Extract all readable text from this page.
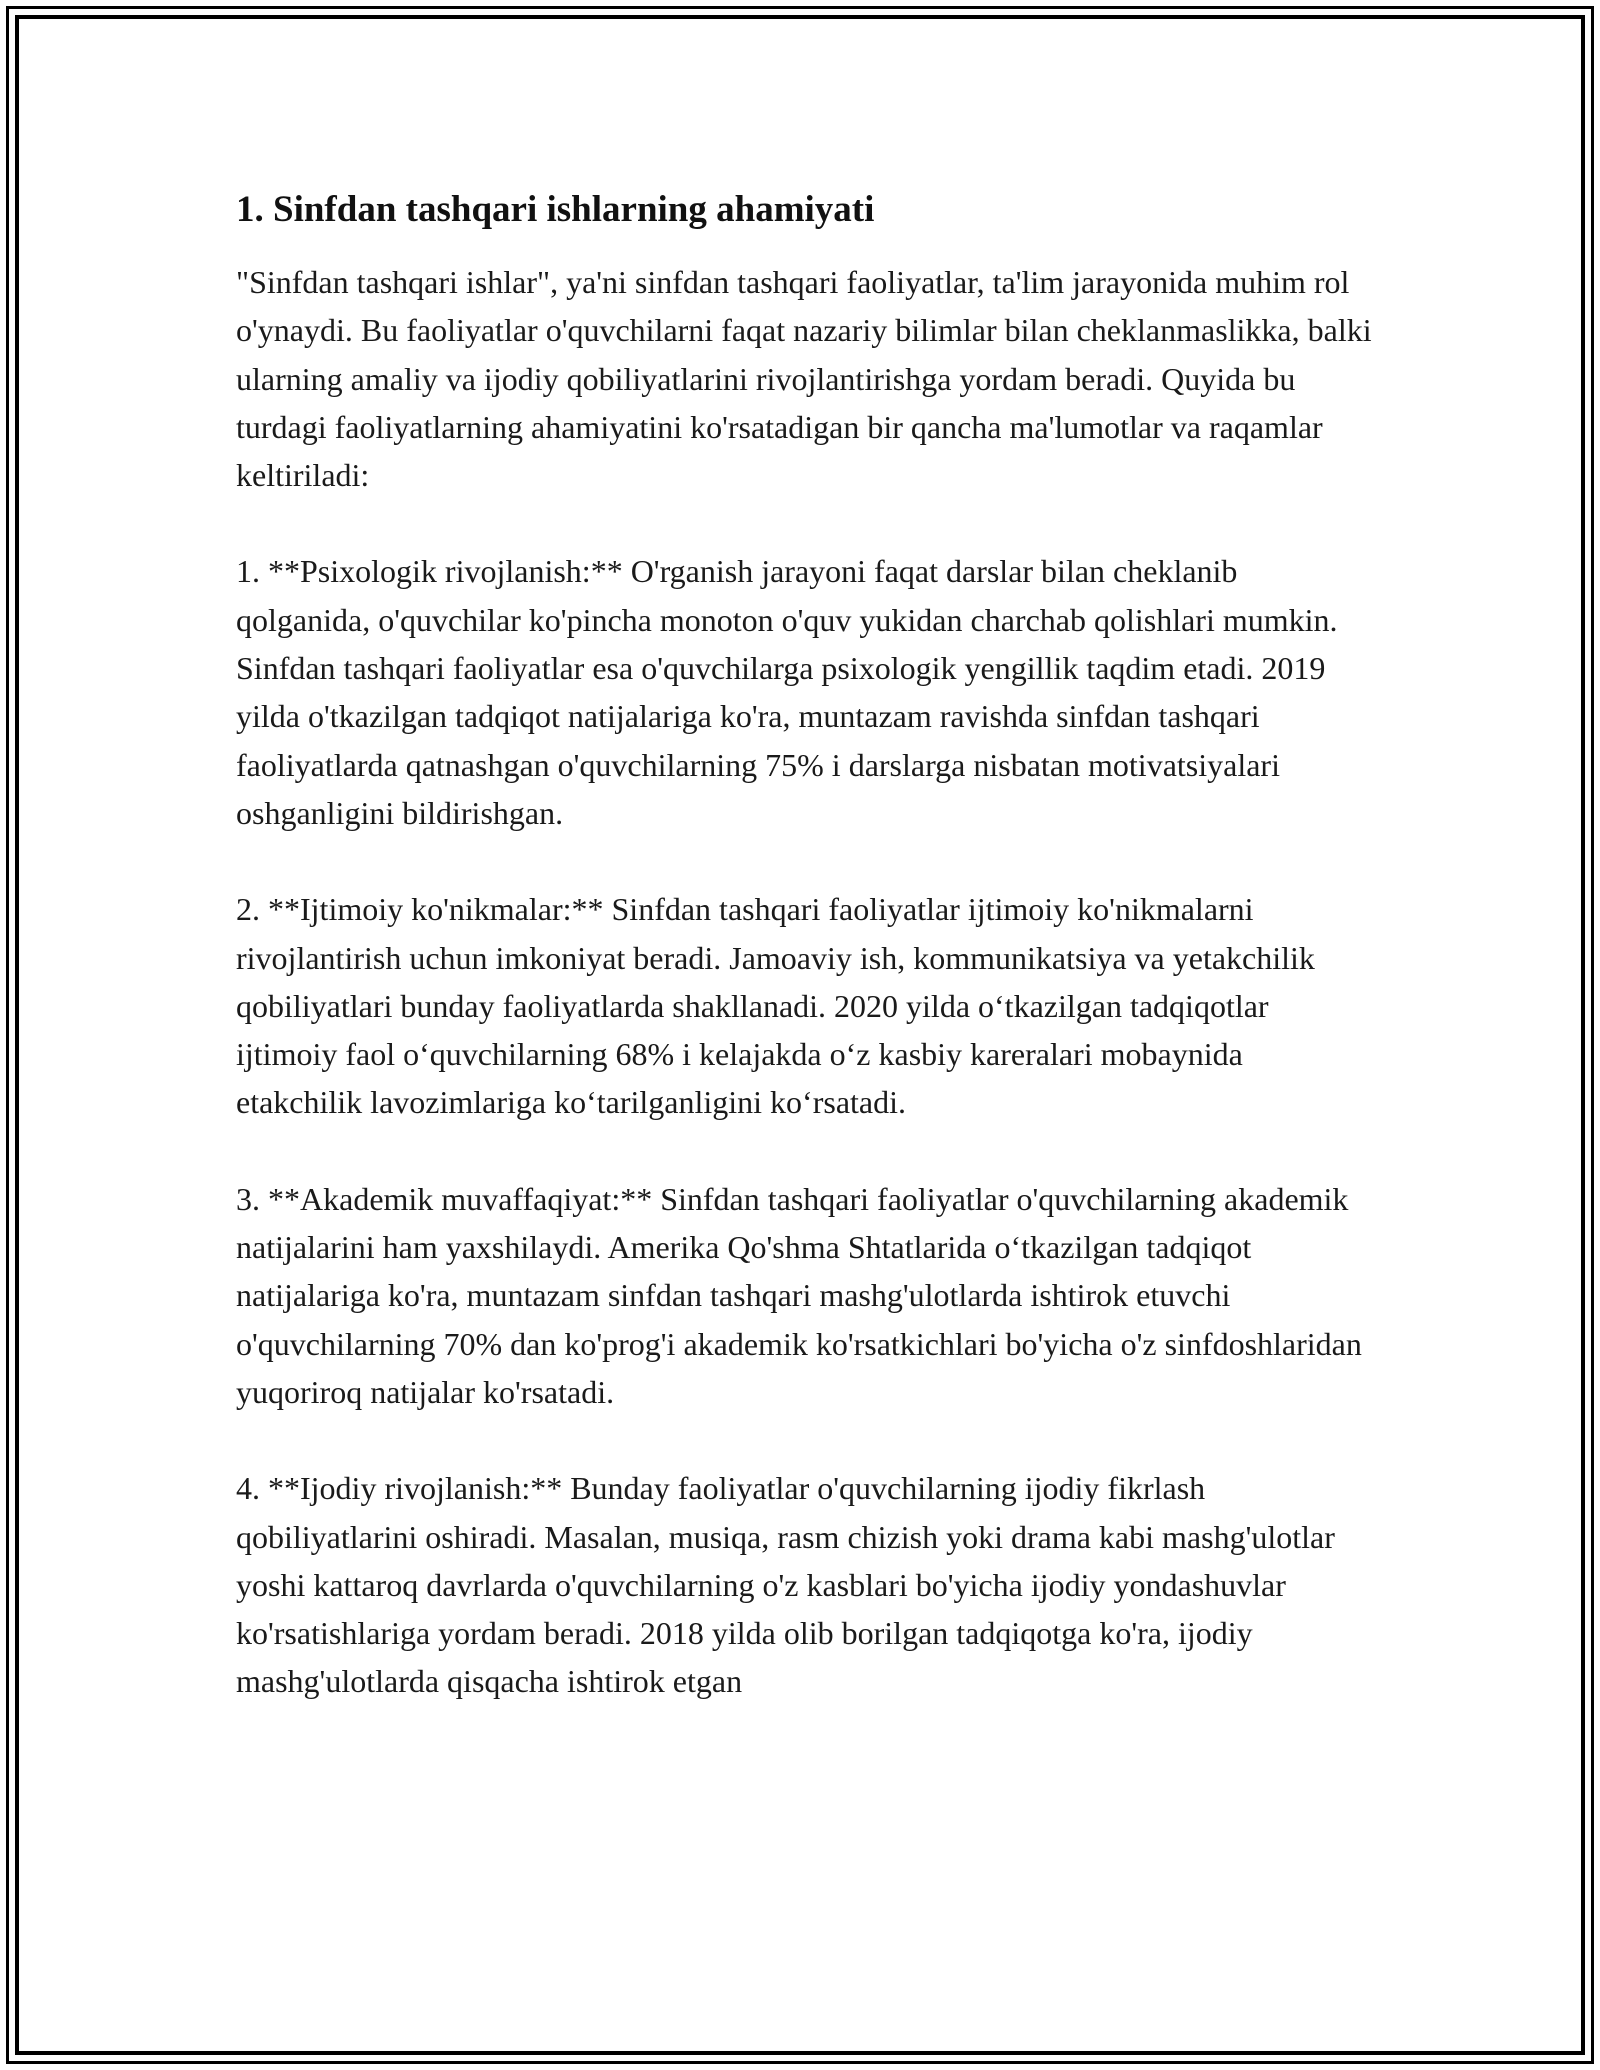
1. Sinfdan tashqari ishlarning ahamiyati

"Sinfdan tashqari ishlar", ya'ni sinfdan tashqari faoliyatlar, ta'lim jarayonida muhim rol o'ynaydi. Bu faoliyatlar o'quvchilarni faqat nazariy bilimlar bilan cheklanmaslikka, balki ularning amaliy va ijodiy qobiliyatlarini rivojlantirishga yordam beradi. Quyida bu turdagi faoliyatlarning ahamiyatini ko'rsatadigan bir qancha ma'lumotlar va raqamlar keltiriladi:

1. **Psixologik rivojlanish:** O'rganish jarayoni faqat darslar bilan cheklanib qolganida, o'quvchilar ko'pincha monoton o'quv yukidan charchab qolishlari mumkin. Sinfdan tashqari faoliyatlar esa o'quvchilarga psixologik yengillik taqdim etadi. 2019 yilda o'tkazilgan tadqiqot natijalariga ko'ra, muntazam ravishda sinfdan tashqari faoliyatlarda qatnashgan o'quvchilarning 75% i darslarga nisbatan motivatsiyalari oshganligini bildirishgan.

2. **Ijtimoiy ko'nikmalar:** Sinfdan tashqari faoliyatlar ijtimoiy ko'nikmalarni rivojlantirish uchun imkoniyat beradi. Jamoaviy ish, kommunikatsiya va yetakchilik qobiliyatlari bunday faoliyatlarda shakllanadi. 2020 yilda o‘tkazilgan tadqiqotlar ijtimoiy faol o‘quvchilarning 68% i kelajakda o‘z kasbiy kareralari mobaynida etakchilik lavozimlariga ko‘tarilganligini ko‘rsatadi.

3. **Akademik muvaffaqiyat:** Sinfdan tashqari faoliyatlar o'quvchilarning akademik natijalarini ham yaxshilaydi. Amerika Qo'shma Shtatlarida o‘tkazilgan tadqiqot natijalariga ko'ra, muntazam sinfdan tashqari mashg'ulotlarda ishtirok etuvchi o'quvchilarning 70% dan ko'prog'i akademik ko'rsatkichlari bo'yicha o'z sinfdoshlaridan yuqoriroq natijalar ko'rsatadi.

4. **Ijodiy rivojlanish:** Bunday faoliyatlar o'quvchilarning ijodiy fikrlash qobiliyatlarini oshiradi. Masalan, musiqa, rasm chizish yoki drama kabi mashg'ulotlar yoshi kattaroq davrlarda o'quvchilarning o'z kasblari bo'yicha ijodiy yondashuvlar ko'rsatishlariga yordam beradi. 2018 yilda olib borilgan tadqiqotga ko'ra, ijodiy mashg'ulotlarda qisqacha ishtirok etgan
